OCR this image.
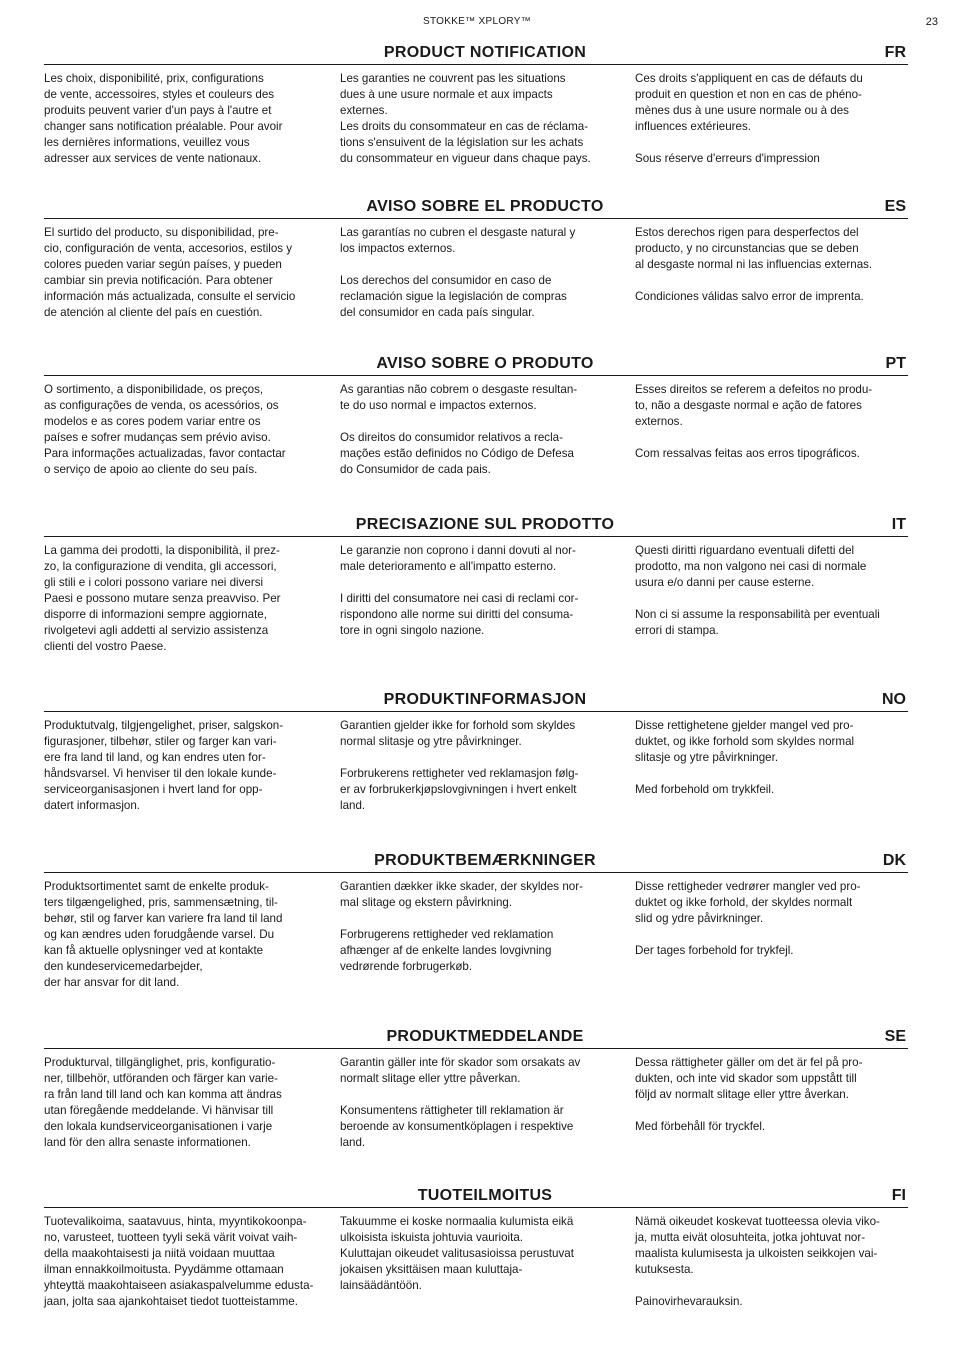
STOKKE™ XPLORY™	23
PRODUCT NOTIFICATION	FR
Les choix, disponibilité, prix, configurations
de vente, accessoires, styles et couleurs des
produits peuvent varier d'un pays à l'autre et
changer sans notification préalable. Pour avoir
les dernières informations, veuillez vous
adresser aux services de vente nationaux.
Les garanties ne couvrent pas les situations
dues à une usure normale et aux impacts
externes.
Les droits du consommateur en cas de réclama-
tions s'ensuivent de la législation sur les achats
du consommateur en vigueur dans chaque pays.
Ces droits s'appliquent en cas de défauts du
produit en question et non en cas de phéno-
mènes dus à une usure normale ou à des
influences extérieures.

Sous réserve d'erreurs d'impression
AVISO SOBRE EL PRODUCTO	ES
El surtido del producto, su disponibilidad, pre-
cio, configuración de venta, accesorios, estilos y
colores pueden variar según países, y pueden
cambiar sin previa notificación. Para obtener
información más actualizada, consulte el servicio
de atención al cliente del país en cuestión.
Las garantías no cubren el desgaste natural y
los impactos externos.

Los derechos del consumidor en caso de
reclamación sigue la legislación de compras
del consumidor en cada país singular.
Estos derechos rigen para desperfectos del
producto, y no circunstancias que se deben
al desgaste normal ni las influencias externas.

Condiciones válidas salvo error de imprenta.
AVISO SOBRE O PRODUTO	PT
O sortimento, a disponibilidade, os preços,
as configurações de venda, os acessórios, os
modelos e as cores podem variar entre os
países e sofrer mudanças sem prévio aviso.
Para informações actualizadas, favor contactar
o serviço de apoio ao cliente do seu país.
As garantias não cobrem o desgaste resultan-
te do uso normal e impactos externos.

Os direitos do consumidor relativos a recla-
mações estão definidos no Código de Defesa
do Consumidor de cada pais.
Esses direitos se referem a defeitos no produ-
to, não a desgaste normal e ação de fatores
externos.

Com ressalvas feitas aos erros tipográficos.
PRECISAZIONE SUL PRODOTTO	IT
La gamma dei prodotti, la disponibilità, il prez-
zo, la configurazione di vendita, gli accessori,
gli stili e i colori possono variare nei diversi
Paesi e possono mutare senza preavviso. Per
disporre di informazioni sempre aggiornate,
rivolgetevi agli addetti al servizio assistenza
clienti del vostro Paese.
Le garanzie non coprono i danni dovuti al nor-
male deterioramento e all'impatto esterno.

I diritti del consumatore nei casi di reclami cor-
rispondono alle norme sui diritti del consuma-
tore in ogni singolo nazione.
Questi diritti riguardano eventuali difetti del
prodotto, ma non valgono nei casi di normale
usura e/o danni per cause esterne.

Non ci si assume la responsabilità per eventuali
errori di stampa.
PRODUKTINFORMASJON	NO
Produktutvalg, tilgjengelighet, priser, salgskon-
figurasjoner, tilbehør, stiler og farger kan vari-
ere fra land til land, og kan endres uten for-
håndsvarsel. Vi henviser til den lokale kunde-
serviceorganisasjonen i hvert land for opp-
datert informasjon.
Garantien gjelder ikke for forhold som skyldes
normal slitasje og ytre påvirkninger.

Forbrukerens rettigheter ved reklamasjon følg-
er av forbrukerkjøpslovgivningen i hvert enkelt
land.
Disse rettighetene gjelder mangel ved pro-
duktet, og ikke forhold som skyldes normal
slitasje og ytre påvirkninger.

Med forbehold om trykkfeil.
PRODUKTBEMÆRKNINGER	DK
Produktsortimentet samt de enkelte produk-
ters tilgængelighed, pris, sammensætning, til-
behør, stil og farver kan variere fra land til land
og kan ændres uden forudgående varsel. Du
kan få aktuelle oplysninger ved at kontakte
den kundeservicemedarbejder,
der har ansvar for dit land.
Garantien dækker ikke skader, der skyldes nor-
mal slitage og ekstern påvirkning.

Forbrugerens rettigheder ved reklamation
afhænger af de enkelte landes lovgivning
vedrørende forbrugerkøb.
Disse rettigheder vedrører mangler ved pro-
duktet og ikke forhold, der skyldes normalt
slid og ydre påvirkninger.

Der tages forbehold for trykfejl.
PRODUKTMEDDELANDE	SE
Produkturval, tillgänglighet, pris, konfiguratio-
ner, tillbehör, utföranden och färger kan varie-
ra från land till land och kan komma att ändras
utan föregående meddelande. Vi hänvisar till
den lokala kundserviceorganisationen i varje
land för den allra senaste informationen.
Garantin gäller inte för skador som orsakats av
normalt slitage eller yttre påverkan.

Konsumentens rättigheter till reklamation är
beroende av konsumentköplagen i respektive
land.
Dessa rättigheter gäller om det är fel på pro-
dukten, och inte vid skador som uppstått till
följd av normalt slitage eller yttre åverkan.

Med förbehåll för tryckfel.
TUOTEILMOITUS	FI
Tuotevalikoima, saatavuus, hinta, myyntikokoonpa-
no, varusteet, tuotteen tyyli sekä värit voivat vaih-
della maakohtaisesti ja niitä voidaan muuttaa
ilman ennakkoilmoitusta. Pyydämme ottamaan
yhteyttä maakohtaiseen asiakaspalvelumme edusta-
jaan, jolta saa ajankohtaiset tiedot tuotteistamme.
Takuumme ei koske normaalia kulumista eikä
ulkoisista iskuista johtuvia vaurioita.
Kuluttajan oikeudet valitusasioissa perustuvat
jokaisen yksittäisen maan kuluttaja-
lainsäädäntöön.
Nämä oikeudet koskevat tuotteessa olevia viko-
ja, mutta eivät olosuhteita, jotka johtuvat nor-
maalista kulumisesta ja ulkoisten seikkojen vai-
kutuksesta.

Painovirhevarauksin.
